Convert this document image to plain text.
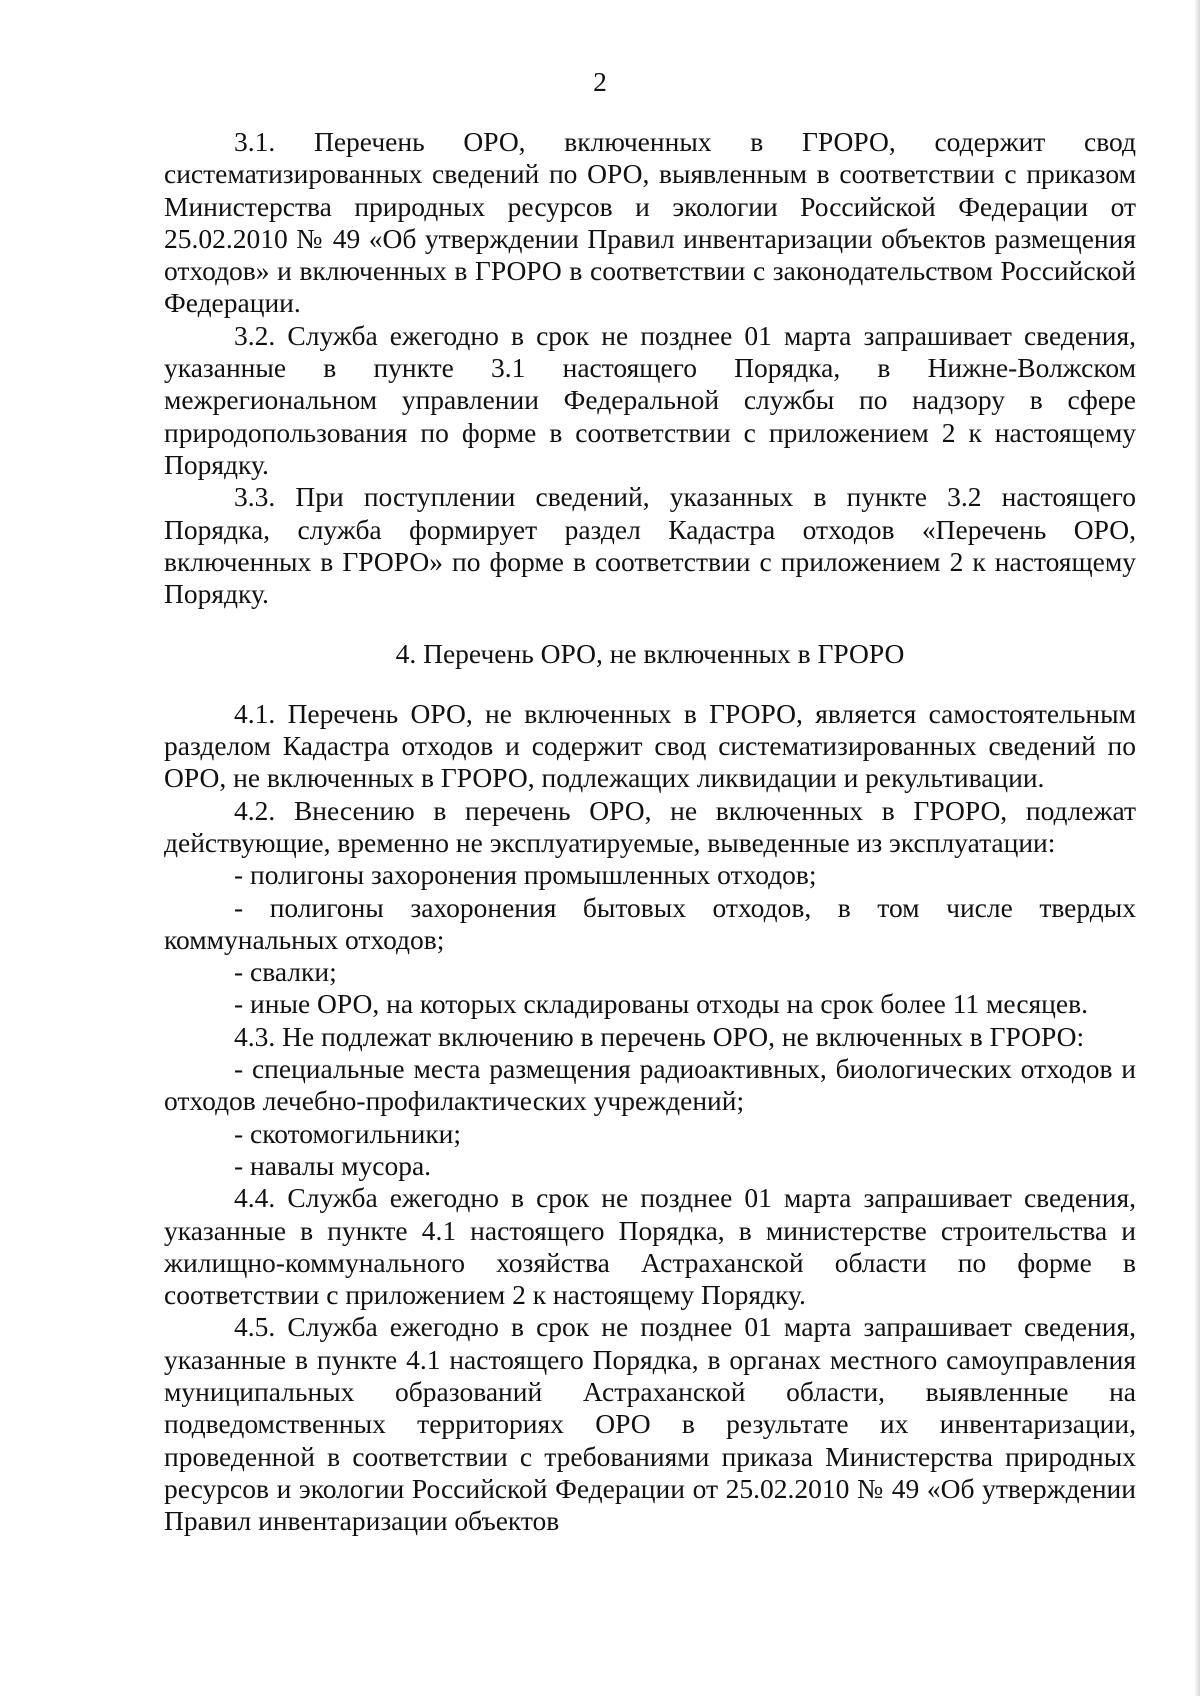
2

3.1. Перечень ОРО, включенных в ГРОРО, содержит свод систематизированных сведений по ОРО, выявленным в соответствии с приказом Министерства природных ресурсов и экологии Российской Федерации от 25.02.2010 № 49 «Об утверждении Правил инвентаризации объектов размещения отходов» и включенных в ГРОРО в соответствии с законодательством Российской Федерации.

3.2. Служба ежегодно в срок не позднее 01 марта запрашивает сведения, указанные в пункте 3.1 настоящего Порядка, в Нижне-Волжском межрегиональном управлении Федеральной службы по надзору в сфере природопользования по форме в соответствии с приложением 2 к настоящему Порядку.

3.3. При поступлении сведений, указанных в пункте 3.2 настоящего Порядка, служба формирует раздел Кадастра отходов «Перечень ОРО, включенных в ГРОРО» по форме в соответствии с приложением 2 к настоящему Порядку.

4. Перечень ОРО, не включенных в ГРОРО

4.1. Перечень ОРО, не включенных в ГРОРО, является самостоятельным разделом Кадастра отходов и содержит свод систематизированных сведений по ОРО, не включенных в ГРОРО, подлежащих ликвидации и рекультивации.

4.2. Внесению в перечень ОРО, не включенных в ГРОРО, подлежат действующие, временно не эксплуатируемые, выведенные из эксплуатации:

- полигоны захоронения промышленных отходов;

- полигоны захоронения бытовых отходов, в том числе твердых коммунальных отходов;

- свалки;

- иные ОРО, на которых складированы отходы на срок более 11 месяцев.

4.3. Не подлежат включению в перечень ОРО, не включенных в ГРОРО:

- специальные места размещения радиоактивных, биологических отходов и отходов лечебно-профилактических учреждений;

- скотомогильники;

- навалы мусора.

4.4. Служба ежегодно в срок не позднее 01 марта запрашивает сведения, указанные в пункте 4.1 настоящего Порядка, в министерстве строительства и жилищно-коммунального хозяйства Астраханской области по форме в соответствии с приложением 2 к настоящему Порядку.

4.5. Служба ежегодно в срок не позднее 01 марта запрашивает сведения, указанные в пункте 4.1 настоящего Порядка, в органах местного самоуправления муниципальных образований Астраханской области, выявленные на подведомственных территориях ОРО в результате их инвентаризации, проведенной в соответствии с требованиями приказа Министерства природных ресурсов и экологии Российской Федерации от 25.02.2010 № 49 «Об утверждении Правил инвентаризации объектов
